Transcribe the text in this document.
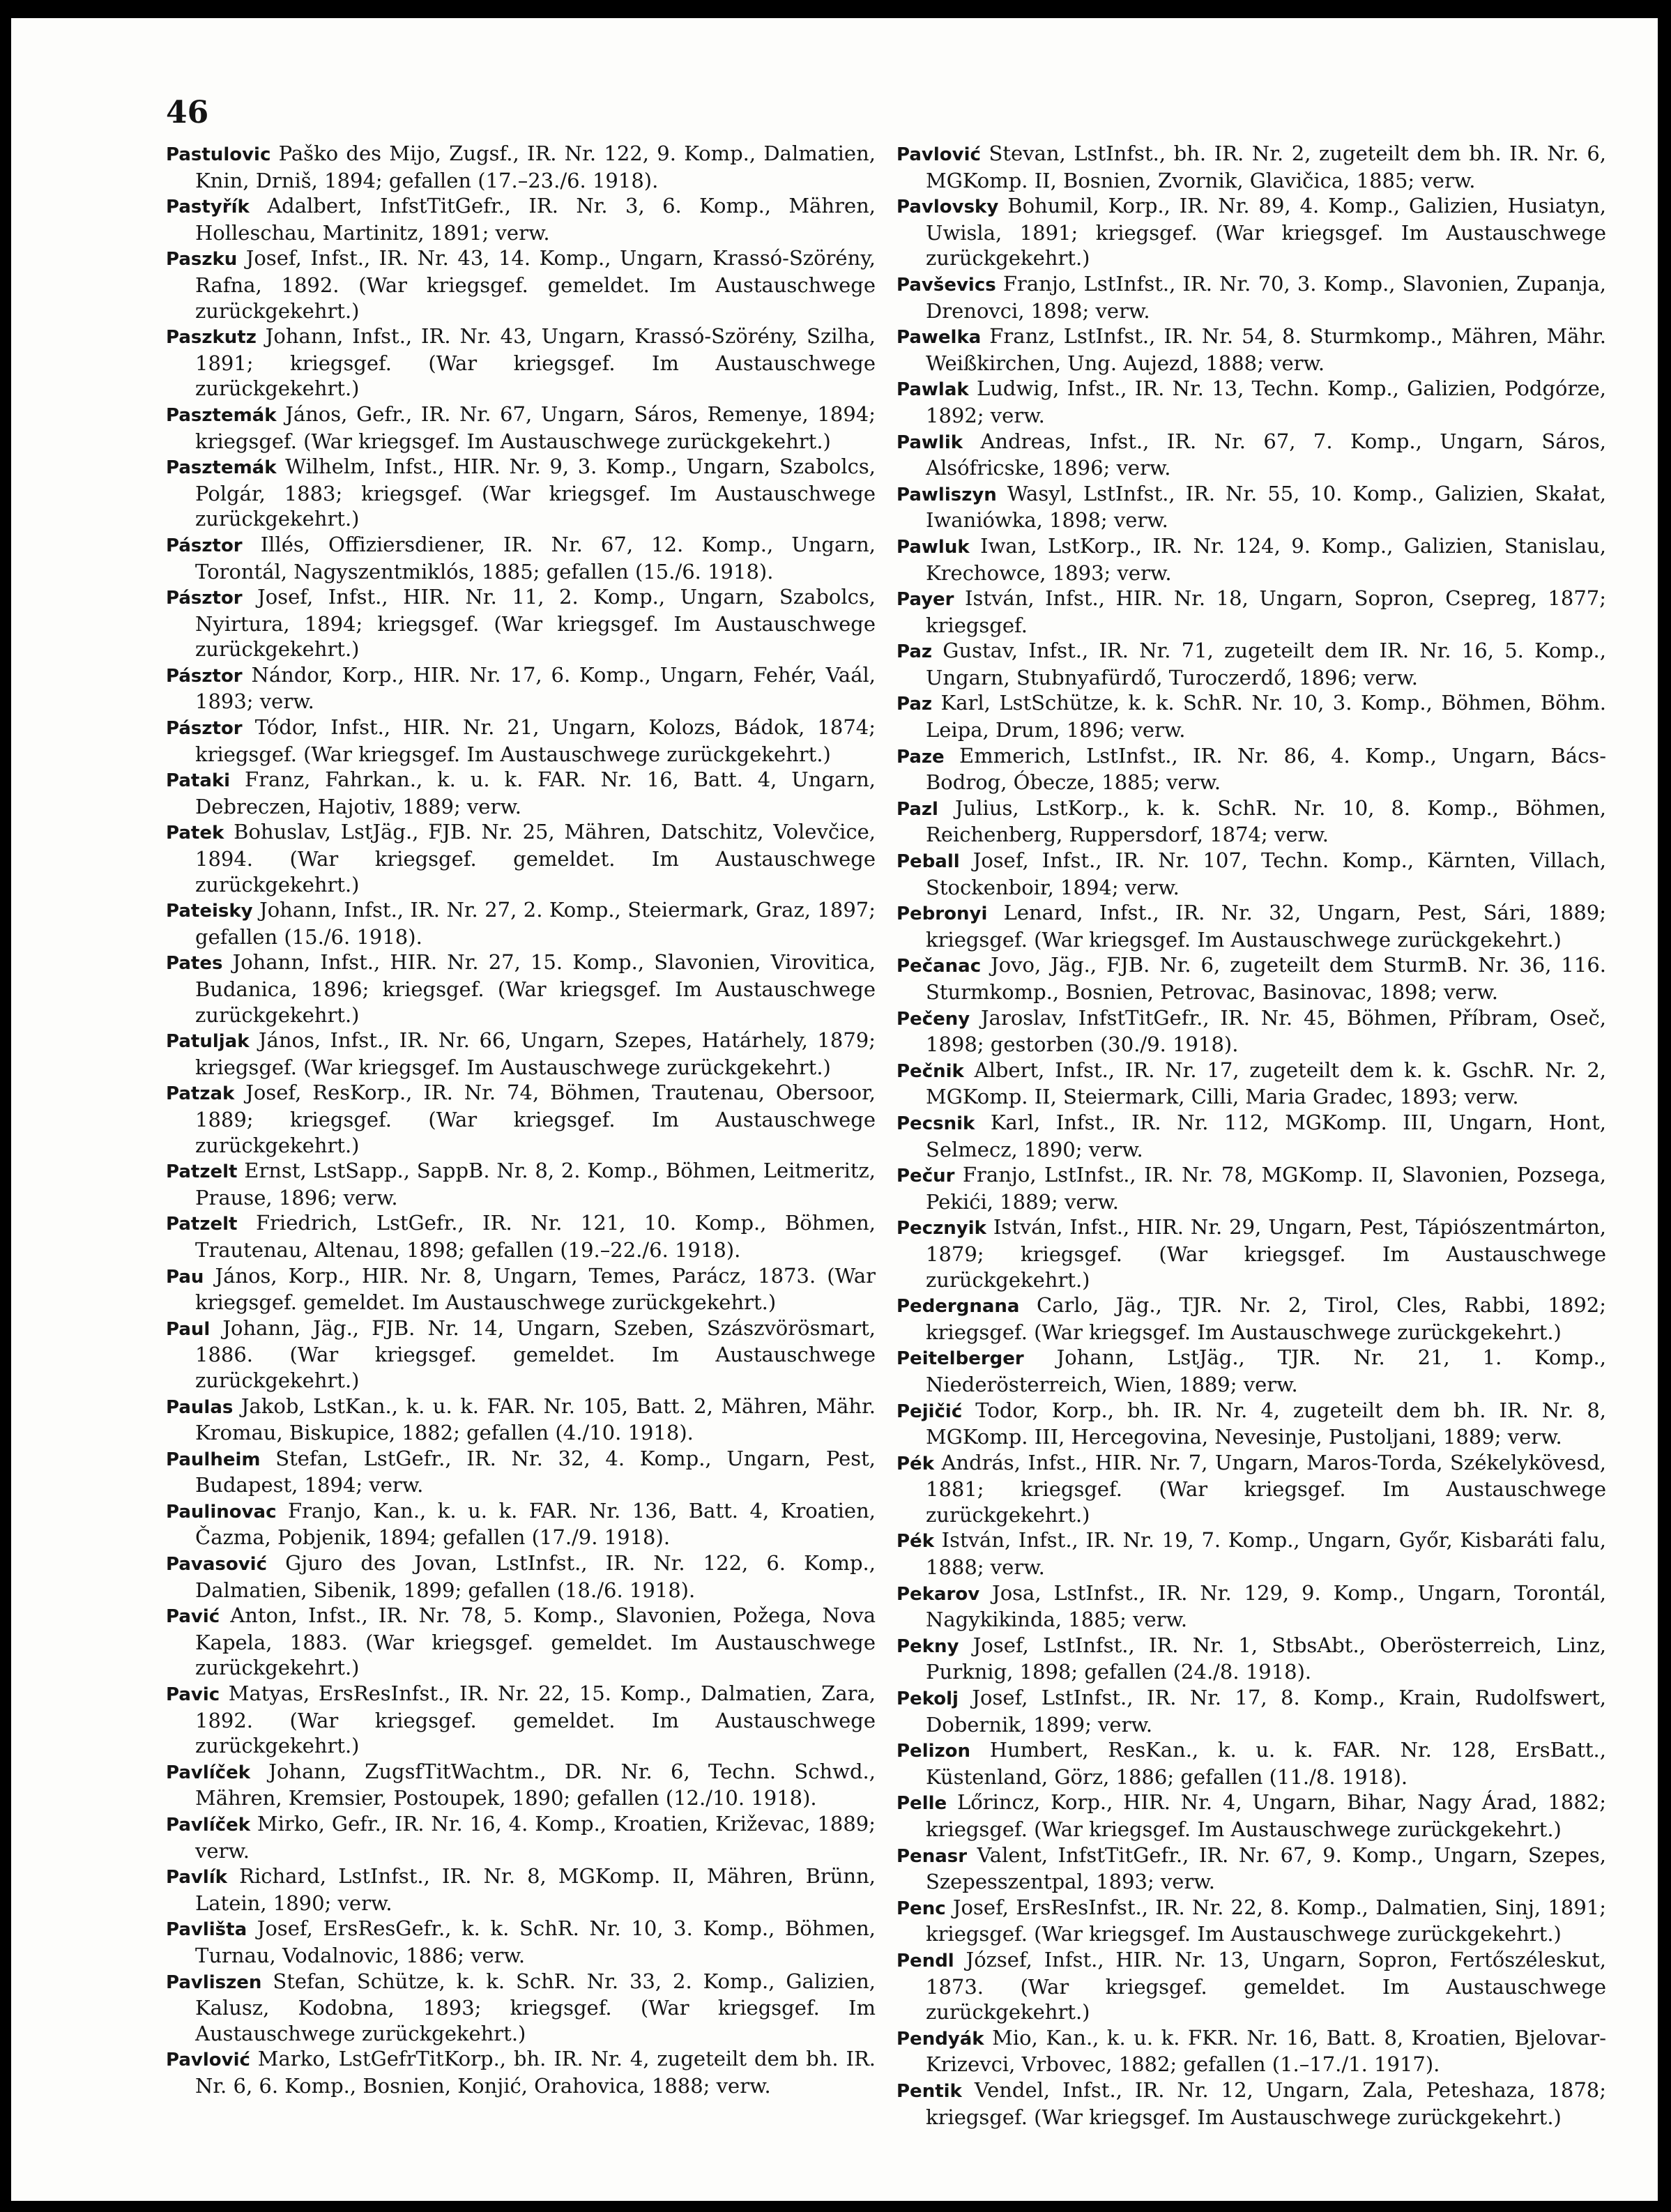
46

Pastulovic Paško des Mijo, Zugsf., IR. Nr. 122, 9. Komp., Dalmatien, Knin, Drniš, 1894; gefallen (17.–23./6. 1918).

Pastyřík Adalbert, InfstTitGefr., IR. Nr. 3, 6. Komp., Mähren, Holleschau, Martinitz, 1891; verw.

Paszku Josef, Infst., IR. Nr. 43, 14. Komp., Ungarn, Krassó-Szörény, Rafna, 1892. (War kriegsgef. gemeldet. Im Austauschwege zurückgekehrt.)

Paszkutz Johann, Infst., IR. Nr. 43, Ungarn, Krassó-Szörény, Szilha, 1891; kriegsgef. (War kriegsgef. Im Austauschwege zurückgekehrt.)

Pasztemák János, Gefr., IR. Nr. 67, Ungarn, Sáros, Remenye, 1894; kriegsgef. (War kriegsgef. Im Austauschwege zurückgekehrt.)

Pasztemák Wilhelm, Infst., HIR. Nr. 9, 3. Komp., Ungarn, Szabolcs, Polgár, 1883; kriegsgef. (War kriegsgef. Im Austauschwege zurückgekehrt.)

Pásztor Illés, Offiziersdiener, IR. Nr. 67, 12. Komp., Ungarn, Torontál, Nagyszentmiklós, 1885; gefallen (15./6. 1918).

Pásztor Josef, Infst., HIR. Nr. 11, 2. Komp., Ungarn, Szabolcs, Nyirtura, 1894; kriegsgef. (War kriegsgef. Im Austauschwege zurückgekehrt.)

Pásztor Nándor, Korp., HIR. Nr. 17, 6. Komp., Ungarn, Fehér, Vaál, 1893; verw.

Pásztor Tódor, Infst., HIR. Nr. 21, Ungarn, Kolozs, Bádok, 1874; kriegsgef. (War kriegsgef. Im Austauschwege zurückgekehrt.)

Pataki Franz, Fahrkan., k. u. k. FAR. Nr. 16, Batt. 4, Ungarn, Debreczen, Hajotiv, 1889; verw.

Patek Bohuslav, LstJäg., FJB. Nr. 25, Mähren, Datschitz, Volevčice, 1894. (War kriegsgef. gemeldet. Im Austauschwege zurückgekehrt.)

Pateisky Johann, Infst., IR. Nr. 27, 2. Komp., Steiermark, Graz, 1897; gefallen (15./6. 1918).

Pates Johann, Infst., HIR. Nr. 27, 15. Komp., Slavonien, Virovitica, Budanica, 1896; kriegsgef. (War kriegsgef. Im Austauschwege zurückgekehrt.)

Patuljak János, Infst., IR. Nr. 66, Ungarn, Szepes, Határhely, 1879; kriegsgef. (War kriegsgef. Im Austauschwege zurückgekehrt.)

Patzak Josef, ResKorp., IR. Nr. 74, Böhmen, Trautenau, Obersoor, 1889; kriegsgef. (War kriegsgef. Im Austauschwege zurückgekehrt.)

Patzelt Ernst, LstSapp., SappB. Nr. 8, 2. Komp., Böhmen, Leitmeritz, Prause, 1896; verw.

Patzelt Friedrich, LstGefr., IR. Nr. 121, 10. Komp., Böhmen, Trautenau, Altenau, 1898; gefallen (19.–22./6. 1918).

Pau János, Korp., HIR. Nr. 8, Ungarn, Temes, Parácz, 1873. (War kriegsgef. gemeldet. Im Austauschwege zurückgekehrt.)

Paul Johann, Jäg., FJB. Nr. 14, Ungarn, Szeben, Szászvörösmart, 1886. (War kriegsgef. gemeldet. Im Austauschwege zurückgekehrt.)

Paulas Jakob, LstKan., k. u. k. FAR. Nr. 105, Batt. 2, Mähren, Mähr. Kromau, Biskupice, 1882; gefallen (4./10. 1918).

Paulheim Stefan, LstGefr., IR. Nr. 32, 4. Komp., Ungarn, Pest, Budapest, 1894; verw.

Paulinovac Franjo, Kan., k. u. k. FAR. Nr. 136, Batt. 4, Kroatien, Čazma, Pobjenik, 1894; gefallen (17./9. 1918).

Pavasović Gjuro des Jovan, LstInfst., IR. Nr. 122, 6. Komp., Dalmatien, Sibenik, 1899; gefallen (18./6. 1918).

Pavić Anton, Infst., IR. Nr. 78, 5. Komp., Slavonien, Požega, Nova Kapela, 1883. (War kriegsgef. gemeldet. Im Austauschwege zurückgekehrt.)

Pavic Matyas, ErsResInfst., IR. Nr. 22, 15. Komp., Dalmatien, Zara, 1892. (War kriegsgef. gemeldet. Im Austauschwege zurückgekehrt.)

Pavlíček Johann, ZugsfTitWachtm., DR. Nr. 6, Techn. Schwd., Mähren, Kremsier, Postoupek, 1890; gefallen (12./10. 1918).

Pavlíček Mirko, Gefr., IR. Nr. 16, 4. Komp., Kroatien, Križevac, 1889; verw.

Pavlík Richard, LstInfst., IR. Nr. 8, MGKomp. II, Mähren, Brünn, Latein, 1890; verw.

Pavlišta Josef, ErsResGefr., k. k. SchR. Nr. 10, 3. Komp., Böhmen, Turnau, Vodalnovic, 1886; verw.

Pavliszen Stefan, Schütze, k. k. SchR. Nr. 33, 2. Komp., Galizien, Kalusz, Kodobna, 1893; kriegsgef. (War kriegsgef. Im Austauschwege zurückgekehrt.)

Pavlović Marko, LstGefrTitKorp., bh. IR. Nr. 4, zugeteilt dem bh. IR. Nr. 6, 6. Komp., Bosnien, Konjić, Orahovica, 1888; verw.

Pavlović Stevan, LstInfst., bh. IR. Nr. 2, zugeteilt dem bh. IR. Nr. 6, MGKomp. II, Bosnien, Zvornik, Glavičica, 1885; verw.

Pavlovsky Bohumil, Korp., IR. Nr. 89, 4. Komp., Galizien, Husiatyn, Uwisla, 1891; kriegsgef. (War kriegsgef. Im Austauschwege zurückgekehrt.)

Pavševics Franjo, LstInfst., IR. Nr. 70, 3. Komp., Slavonien, Zupanja, Drenovci, 1898; verw.

Pawelka Franz, LstInfst., IR. Nr. 54, 8. Sturmkomp., Mähren, Mähr. Weißkirchen, Ung. Aujezd, 1888; verw.

Pawlak Ludwig, Infst., IR. Nr. 13, Techn. Komp., Galizien, Podgórze, 1892; verw.

Pawlik Andreas, Infst., IR. Nr. 67, 7. Komp., Ungarn, Sáros, Alsófricske, 1896; verw.

Pawliszyn Wasyl, LstInfst., IR. Nr. 55, 10. Komp., Galizien, Skałat, Iwaniówka, 1898; verw.

Pawluk Iwan, LstKorp., IR. Nr. 124, 9. Komp., Galizien, Stanislau, Krechowce, 1893; verw.

Payer István, Infst., HIR. Nr. 18, Ungarn, Sopron, Csepreg, 1877; kriegsgef.

Paz Gustav, Infst., IR. Nr. 71, zugeteilt dem IR. Nr. 16, 5. Komp., Ungarn, Stubnyafürdő, Turoczerdő, 1896; verw.

Paz Karl, LstSchütze, k. k. SchR. Nr. 10, 3. Komp., Böhmen, Böhm. Leipa, Drum, 1896; verw.

Paze Emmerich, LstInfst., IR. Nr. 86, 4. Komp., Ungarn, Bács-Bodrog, Óbecze, 1885; verw.

Pazl Julius, LstKorp., k. k. SchR. Nr. 10, 8. Komp., Böhmen, Reichenberg, Ruppersdorf, 1874; verw.

Peball Josef, Infst., IR. Nr. 107, Techn. Komp., Kärnten, Villach, Stockenboir, 1894; verw.

Pebronyi Lenard, Infst., IR. Nr. 32, Ungarn, Pest, Sári, 1889; kriegsgef. (War kriegsgef. Im Austauschwege zurückgekehrt.)

Pečanac Jovo, Jäg., FJB. Nr. 6, zugeteilt dem SturmB. Nr. 36, 116. Sturmkomp., Bosnien, Petrovac, Basinovac, 1898; verw.

Pečeny Jaroslav, InfstTitGefr., IR. Nr. 45, Böhmen, Příbram, Oseč, 1898; gestorben (30./9. 1918).

Pečnik Albert, Infst., IR. Nr. 17, zugeteilt dem k. k. GschR. Nr. 2, MGKomp. II, Steiermark, Cilli, Maria Gradec, 1893; verw.

Pecsnik Karl, Infst., IR. Nr. 112, MGKomp. III, Ungarn, Hont, Selmecz, 1890; verw.

Pečur Franjo, LstInfst., IR. Nr. 78, MGKomp. II, Slavonien, Pozsega, Pekići, 1889; verw.

Pecznyik István, Infst., HIR. Nr. 29, Ungarn, Pest, Tápiószentmárton, 1879; kriegsgef. (War kriegsgef. Im Austauschwege zurückgekehrt.)

Pedergnana Carlo, Jäg., TJR. Nr. 2, Tirol, Cles, Rabbi, 1892; kriegsgef. (War kriegsgef. Im Austauschwege zurückgekehrt.)

Peitelberger Johann, LstJäg., TJR. Nr. 21, 1. Komp., Niederösterreich, Wien, 1889; verw.

Pejičić Todor, Korp., bh. IR. Nr. 4, zugeteilt dem bh. IR. Nr. 8, MGKomp. III, Hercegovina, Nevesinje, Pustoljani, 1889; verw.

Pék András, Infst., HIR. Nr. 7, Ungarn, Maros-Torda, Székelykövesd, 1881; kriegsgef. (War kriegsgef. Im Austauschwege zurückgekehrt.)

Pék István, Infst., IR. Nr. 19, 7. Komp., Ungarn, Győr, Kisbaráti falu, 1888; verw.

Pekarov Josa, LstInfst., IR. Nr. 129, 9. Komp., Ungarn, Torontál, Nagykikinda, 1885; verw.

Pekny Josef, LstInfst., IR. Nr. 1, StbsAbt., Oberösterreich, Linz, Purknig, 1898; gefallen (24./8. 1918).

Pekolj Josef, LstInfst., IR. Nr. 17, 8. Komp., Krain, Rudolfswert, Dobernik, 1899; verw.

Pelizon Humbert, ResKan., k. u. k. FAR. Nr. 128, ErsBatt., Küstenland, Görz, 1886; gefallen (11./8. 1918).

Pelle Lőrincz, Korp., HIR. Nr. 4, Ungarn, Bihar, Nagy Árad, 1882; kriegsgef. (War kriegsgef. Im Austauschwege zurückgekehrt.)

Penasr Valent, InfstTitGefr., IR. Nr. 67, 9. Komp., Ungarn, Szepes, Szepesszentpal, 1893; verw.

Penc Josef, ErsResInfst., IR. Nr. 22, 8. Komp., Dalmatien, Sinj, 1891; kriegsgef. (War kriegsgef. Im Austauschwege zurückgekehrt.)

Pendl József, Infst., HIR. Nr. 13, Ungarn, Sopron, Fertőszéleskut, 1873. (War kriegsgef. gemeldet. Im Austauschwege zurückgekehrt.)

Pendyák Mio, Kan., k. u. k. FKR. Nr. 16, Batt. 8, Kroatien, Bjelovar-Krizevci, Vrbovec, 1882; gefallen (1.–17./1. 1917).

Pentik Vendel, Infst., IR. Nr. 12, Ungarn, Zala, Peteshaza, 1878; kriegsgef. (War kriegsgef. Im Austauschwege zurückgekehrt.)
